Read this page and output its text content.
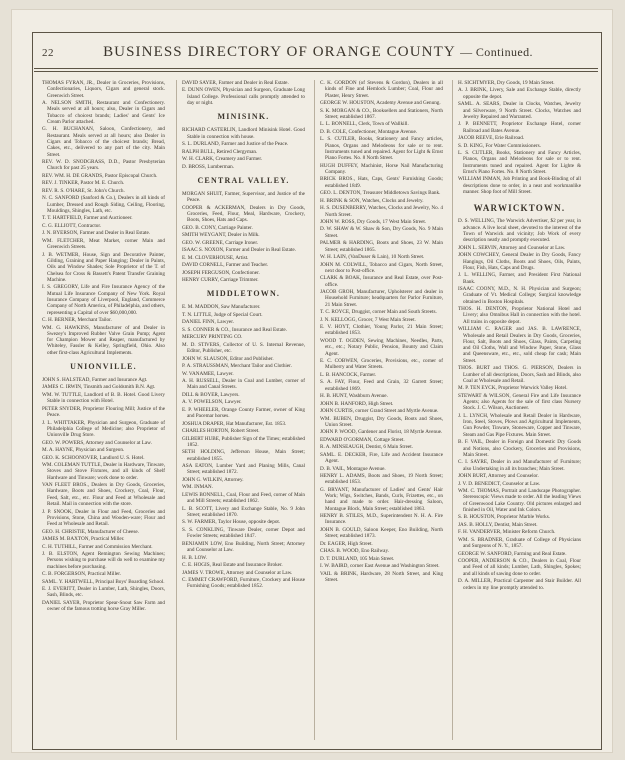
22	BUSINESS DIRECTORY OF ORANGE COUNTY — Continued.
THOMAS FYRAN, JR., Dealer in Groceries, Provisions, Confectionaries, Liquors, Cigars and general stock. Greenwich Street.
A. NELSON SMITH, Restaurant and Confectionery. Meals served at all hours; also, Dealer in Cigars and Tobacco of choicest brands; Ladies' and Gents' Ice Cream Parlor attached.
G. H. BUCHANAN, Saloon, Confectionery, and Restaurant. Meals served at all hours; also Dealer in Cigars and Tobacco of the choicest brands; Bread, Cakes, etc., delivered to any part of the city. Main Street.
REV. W. D. SNODGRASS, D.D., Pastor Presbyterian Church for past 25 years.
REV. WM. H. DE GRANDS, Pastor Episcopal Church.
REV. J. TINKER, Pastor M. E. Church.
REV. R. S. O'HARE, St. John's Church.
N. C. SANFORD (Sanford & Co.), Dealers in all kinds of Lumber, Dressed and Rough Siding, Ceiling, Flooring, Mouldings, Shingles, Lath, etc.
T. T. HARTFIELD, Farmer and Auctioneer.
C. G. ELLIOTT, Contractor.
J. N. BYERSON, Farmer and Dealer in Real Estate.
WM. FLETCHER, Meat Market, corner Main and Greenwich Streets.
J. B. WETMER, House, Sign and Decorative Painter, Gilding, Graining and Paper Hanging; Dealer in Paints, Oils and Window Shades; Sole Proprietor of the T. of Chelsea for Cross & Bassett's Patent Transfer Graining Machine.
I. S. GREGORY, Life and Fire Insurance Agency of the Mutual Life Insurance Company of New York. Royal Insurance Company of Liverpool, England, Commerce Company of North America, of Philadelphia, and others, representing a Capital of over $60,000,000.
C. H. BERNER, Merchant Tailor.
WM. G. HAWKINS, Manufacturer of and Dealer in Swezey's Improved Rubber Valve Grain Pump; Agent for Champion Mower and Reaper, manufactured by Whiteley, Fassler & Kelley, Springfield, Ohio. Also other first-class Agricultural Implements.
UNIONVILLE.
JOHN S. HALSTEAD, Farmer and Insurance Agt.
JAMES C. IRWIN, Tinsmith and Goldsmith B.N. Agt.
WM. W. TUTTLE, Landlord of B. B. Hotel. Good Livery Stable in connection with Hotel.
PETER SNYDER, Proprietor Flouring Mill; Justice of the Peace.
J. L. WHITTAKER, Physician and Surgeon, Graduate of Philadelphia College of Medicine; also Proprietor of Unionville Drug Store.
GEO. W. POWERS, Attorney and Counselor at Law.
M. A. HAYNE, Physician and Surgeon.
GEO. K. SCHOONOVER, Landlord U. S. Hotel.
WM. COLEMAN TUTTLE, Dealer in Hardware, Tinware, Stoves and Stove Fixtures, and all kinds of Shelf Hardware and Tinware; work done to order.
VAN FLEET BROS., Dealers in Dry Goods, Groceries, Hardware, Boots and Shoes, Crockery, Coal, Flour, Feed, Salt, etc., etc. Flour and Feed at Wholesale and Retail. Mail in connection with the store.
J. P. SNOOK, Dealer in Flour and Feed, Groceries and Provisions, Stone, China and Wooden-ware; Flour and Feed at Wholesale and Retail.
GEO. H. CHRISTIE, Manufacturer of Cheese.
JAMES M. BAXTON, Practical Miller.
C. H. TUTHILL, Farmer and Commission Merchant.
J. B. ELSTON, Agent Remington Sewing Machines; Persons wishing to purchase will do well to examine my machines before purchasing.
C. B. FORGERSON, Practical Miller.
SAML. Y. HARTWELL, Principal Boys' Boarding School.
E. J. EVERITT, Dealer in Lumber, Lath, Shingles, Doors, Sash, Blinds, etc.
DANIEL SAYER, Proprietor Spear-Snout Saw Farm and owner of the famous trotting horse Gray Miller.
DAVID SAYER, Farmer and Dealer in Real Estate.
E. DUNN OWEN, Physician and Surgeon, Graduate Long Island College. Professional calls promptly attended to day or night.
MINISINK.
RICHARD CASTERLIN, Landlord Minisink Hotel. Good Stable in connection with house.
S. L. DURLAND, Farmer and Justice of the Peace.
RALPH BULL, Retired Clergyman.
W. H. CLARK, Creamery and Farmer.
D. BROSS, Lumberman.
CENTRAL VALLEY.
MORGAN SHUIT, Farmer, Supervisor, and Justice of the Peace.
COOPER & ACKERMAN, Dealers in Dry Goods, Groceries, Feed, Flour, Meal, Hardware, Crockery, Boots, Shoes, Hats and Caps.
GEO. B. CONY, Carriage Painter.
SMITH WEYGANT, Dealer in Milk.
GEO. W. GREENE, Carriage Ironer.
ISAAC S. NOXON, Farmer and Dealer in Real Estate.
E. M. CLOVERHOUSE, Artist.
DAVID CORNELL, Farmer and Teacher.
JOSEPH FERGUSON, Confectioner.
HENRY CURRY, Carriage Trimmer.
MIDDLETOWN.
E. M. MADDON, Saw Manufacturer.
T. N. LITTLE, Judge of Special Court.
DANIEL FINN, Lawyer.
S. S. CONNER & CO., Insurance and Real Estate.
MERCURY PRINTING CO.
M. D. STIVERS, Collector of U. S. Internal Revenue, Editor, Publisher, etc.
JOHN W. SLAUSON, Editor and Publisher.
P. A. STRAUSSMAN, Merchant Tailor and Clothier.
W. VANAMEE, Lawyer.
A. H. RUSSELL, Dealer in Coal and Lumber, corner of Main and Canal Streets.
DILL & BOYER, Lawyers.
A. V. POWELSON, Lawyer.
E. P. WHEELER, Orange County Farmer, owner of King and Pacemar horses.
JOSHUA DRAPER, Hat Manufacturer, Est. 1853.
CHARLES HORTON, Robert Street.
GILBERT HUBE, Publisher Sign of the Times; established 1852.
SETH HOLDING, Jefferson House, Main Street; established 1855.
ASA EATON, Lumber Yard and Planing Mills, Canal Street; established 1872.
JOHN G. WILKIN, Attorney.
WM. INMAN.
LEWIS BONNELL, Coal, Flour and Feed, corner of Main and Mill Streets; established 1862.
L. B. SCOTT, Livery and Exchange Stable, No. 9 John Street; established 1870.
S. W. FARMER, Taylor House, opposite depot.
S. S. CONKLING, Tinware Dealer, corner Depot and Fowler Streets; established 1847.
BENJAMIN LOW, Eno Building, North Street; Attorney and Counselor at Law.
H. B. LOW.
C. E. HOGIS, Real Estate and Insurance Broker.
JAMES V. TROWE, Attorney and Counselor at Law.
C. EMMET CRAWFORD, Furniture, Crockery and House Furnishing Goods; established 1852.
C. K. GORDON (of Stevens & Gordon), Dealers in all kinds of Fine and Hemlock Lumber; Coal, Flour and Plaster, Henry Street.
GEORGE W. HOUSTON, Academy Avenue and Genung.
S. K. MORGAN & CO., Booksellers and Stationers, North Street; established 1867.
L. L. BONNELL, Clerk, Town of Wallkill.
D. B. COLE, Confectioner, Montague Avenue.
L. S. CUTLER, Books, Stationery and Fancy articles, Pianos, Organs and Melodeons for sale or to rent. Instruments tuned and repaired. Agent for Light & Ernst Piano Fortes. No. 8 North Street.
HUGH DUFFEY, Machinist, Horse Nail Manufacturing Company.
BRICK BROS., Hats, Caps, Gents' Furnishing Goods; established 1849.
GEO. L. DENTON, Treasurer Middletown Savings Bank.
H. BRINK & SON, Watches, Clocks and Jewelry.
H. S. DUSENBERRY, Watches, Clocks and Jewelry, No. 4 North Street.
JOHN W. ROSS, Dry Goods, 17 West Main Street.
D. W. SHAW & W. Shaw & Son, Dry Goods, No. 9 Main Street.
PALMER & HARDING, Boots and Shoes, 23 W. Main Street; established 1865.
W. H. LAIN, (VanDuser & Lain), 10 North Street.
JOHN M. COLWILL, Tobacco and Cigars, North Street, next door to Post-office.
CLARK & BOAK, Insurance and Real Estate, over Post-office.
JACOB GROH, Manufacturer, Upholsterer and dealer in Household Furniture; headquarters for Parlor Furniture, 21 Main Street.
T. C. ROYCE, Druggist, corner Main and South Streets.
J. N. KELLOGG, Grocer, 7 West Main Street.
E. V. HOYT, Clothier, Young Parlor, 21 Main Street; established 1853.
WOOD T. OGDEN, Sewing Machines, Needles, Parts, etc., etc.; Notary Public, Pension, Bounty and Claim Agent.
E. C. COBWEN, Groceries, Provisions, etc., corner of Mulberry and Water Streets.
L. B. HANCOCK, Farmer.
S. A. FAY, Flour, Feed and Grain, 32 Garrett Street; established 1869.
H. B. HUNT, Washburn Avenue.
JOHN B. HANFORD, High Street.
JOHN CURTIS, corner Grand Street and Myrtle Avenue.
WM. BUBEN, Druggist, Dry Goods, Boots and Shoes, Union Street.
JOHN P. WOOD, Gardener and Florist, 18 Myrtle Avenue.
EDWARD O'GORMAN, Cottage Street.
R. A. MINSEAUGH, Dentist, 6 Main Street.
SAML. E. DECKER, Fire, Life and Accident Insurance Agent.
D. B. VAIL, Montague Avenue.
HENRY L. ADAMS, Boots and Shoes, 19 North Street; established 1853.
G. BRYANT, Manufacturer of Ladies' and Gents' Hair Work; Wigs, Switches, Bands, Curls, Frizettes, etc., on hand and made to order. Hair-dressing Saloon, Montague Block, Main Street; established 1863.
HENRY B. STILES, M.D., Superintendent N. H. A. Fire Insurance.
JOHN B. GOULD, Saloon Keeper, Eno Building, North Street; established 1873.
Dr. EAGER, High Street.
CHAS. B. WOOD, Eno Railway.
D. T. DURLAND, 105 Main Street.
I. W. BAIRD, corner East Avenue and Washington Street.
VAIL & BRINK, Hardware, 28 North Street, and King Street.
H. SICHTMYER, Dry Goods, 19 Main Street.
A. J. BRINK, Livery, Sale and Exchange Stable, directly opposite the depot.
SAML. A. SEARS, Dealer in Clocks, Watches, Jewelry and Silverware, 9 North Street. Clocks, Watches and Jewelry Repaired and Warranted.
J. P. BENNETT, Proprietor Exchange Hotel, corner Railroad and Bates Avenue.
JACOB REEVE, Erie Railroad.
S. D. KING, For Water Commissioners.
L. S. CUTLER, Books, Stationery and Fancy Articles, Pianos, Organs and Melodeons for sale or to rent. Instruments tuned and repaired. Agent for Lighte & Ernst's Piano Fortes. No. 8 North Street.
WILLIAM INMAN, Job Printing and Book-Binding of all descriptions done to order, in a neat and workmanlike manner. Shop foot of Mill Street.
WARWICKTOWN.
D. S. WELLING, The Warwick Advertiser, $2 per year, in advance. A live local sheet, devoted to the interest of the Town of Warwick and vicinity; Job Work of every description neatly and promptly executed.
JOHN L. SERVIN, Attorney and Counselor at Law.
JOHN COWCHEY, General Dealer in Dry Goods, Fancy Hangings, Oil Cloths, Boots and Shoes, Oils, Paints, Flour, Fish, Hats, Caps and Drugs.
J. L. WELLING, Farmer, and President First National Bank.
ISAAC COONY, M.D., N. H. Physician and Surgeon; Graduate of Vt. Medical College; Surgical knowledge obtained in Boston Hospitals.
THOS. H. DENTON, Proprietor National Hotel and Livery; also Omnibus Hall in connection with the hotel. All trains in opposite depot.
WILLIAM C. RAGER and JAS. B. LAWRENCE, Wholesale and Retail Dealers in Dry Goods, Groceries, Flour, Salt, Boots and Shoes, Glass, Paints, Carpeting and Oil Cloths, Wall and Window Paper, Stone, Glass and Queensware, etc., etc., sold cheap for cash; Main Street.
THOS. BURT and THOS. G. PIERSON, Dealers in Lumber of all descriptions, Doors, Sash and Blinds, also Coal at Wholesale and Retail.
M. P. TEN EYCK, Proprietor Warwick Valley Hotel.
STEWART & WILSON, General Fire and Life Insurance Agents; also Agents for the sale of first class Nursery Stock. J. C. Wilson, Auctioneer.
J. L. LYNCH, Wholesale and Retail Dealer in Hardware, Iron, Steel, Stoves, Plows and Agricultural Implements, Gun Powder, Tinware, Stoneware, Copper and Tinware, Steam and Gas Pipe Fixtures. Main Street.
B. F. VAIL, Dealer in Foreign and Domestic Dry Goods and Notions, also Crockery, Groceries and Provisions, Main Street.
C. I. SAYRE, Dealer in and Manufacturer of Furniture; also Undertaking in all its branches; Main Street.
JOHN BURT, Attorney and Counselor.
J. V. D. BENEDICT, Counselor at Law.
WM. C. THOMAS, Portrait and Landscape Photographer. Stereoscopic Views made to order. All the leading Views of Greenwood Lake Country. Old pictures enlarged and finished in Oil, Water and Ink Colors.
S. B. HOUSTON, Proprietor Marble Works.
JAS. B. HOLLY, Dentist, Main Street.
F. H. VANDERVER, Minister Reform Church.
WM. S. BRADNER, Graduate of College of Physicians and Surgeons of N. Y., 1857.
GEORGE W. SANFORD, Farming and Real Estate.
COOPER, ANDERSON & CO., Dealers in Coal, Flour and Feed of all kinds; Lumber, Lath, Shingles, Spokes; and all kinds of sawing done to order.
D. A. MILLER, Practical Carpenter and Stair Builder. All orders in my line promptly attended to.
